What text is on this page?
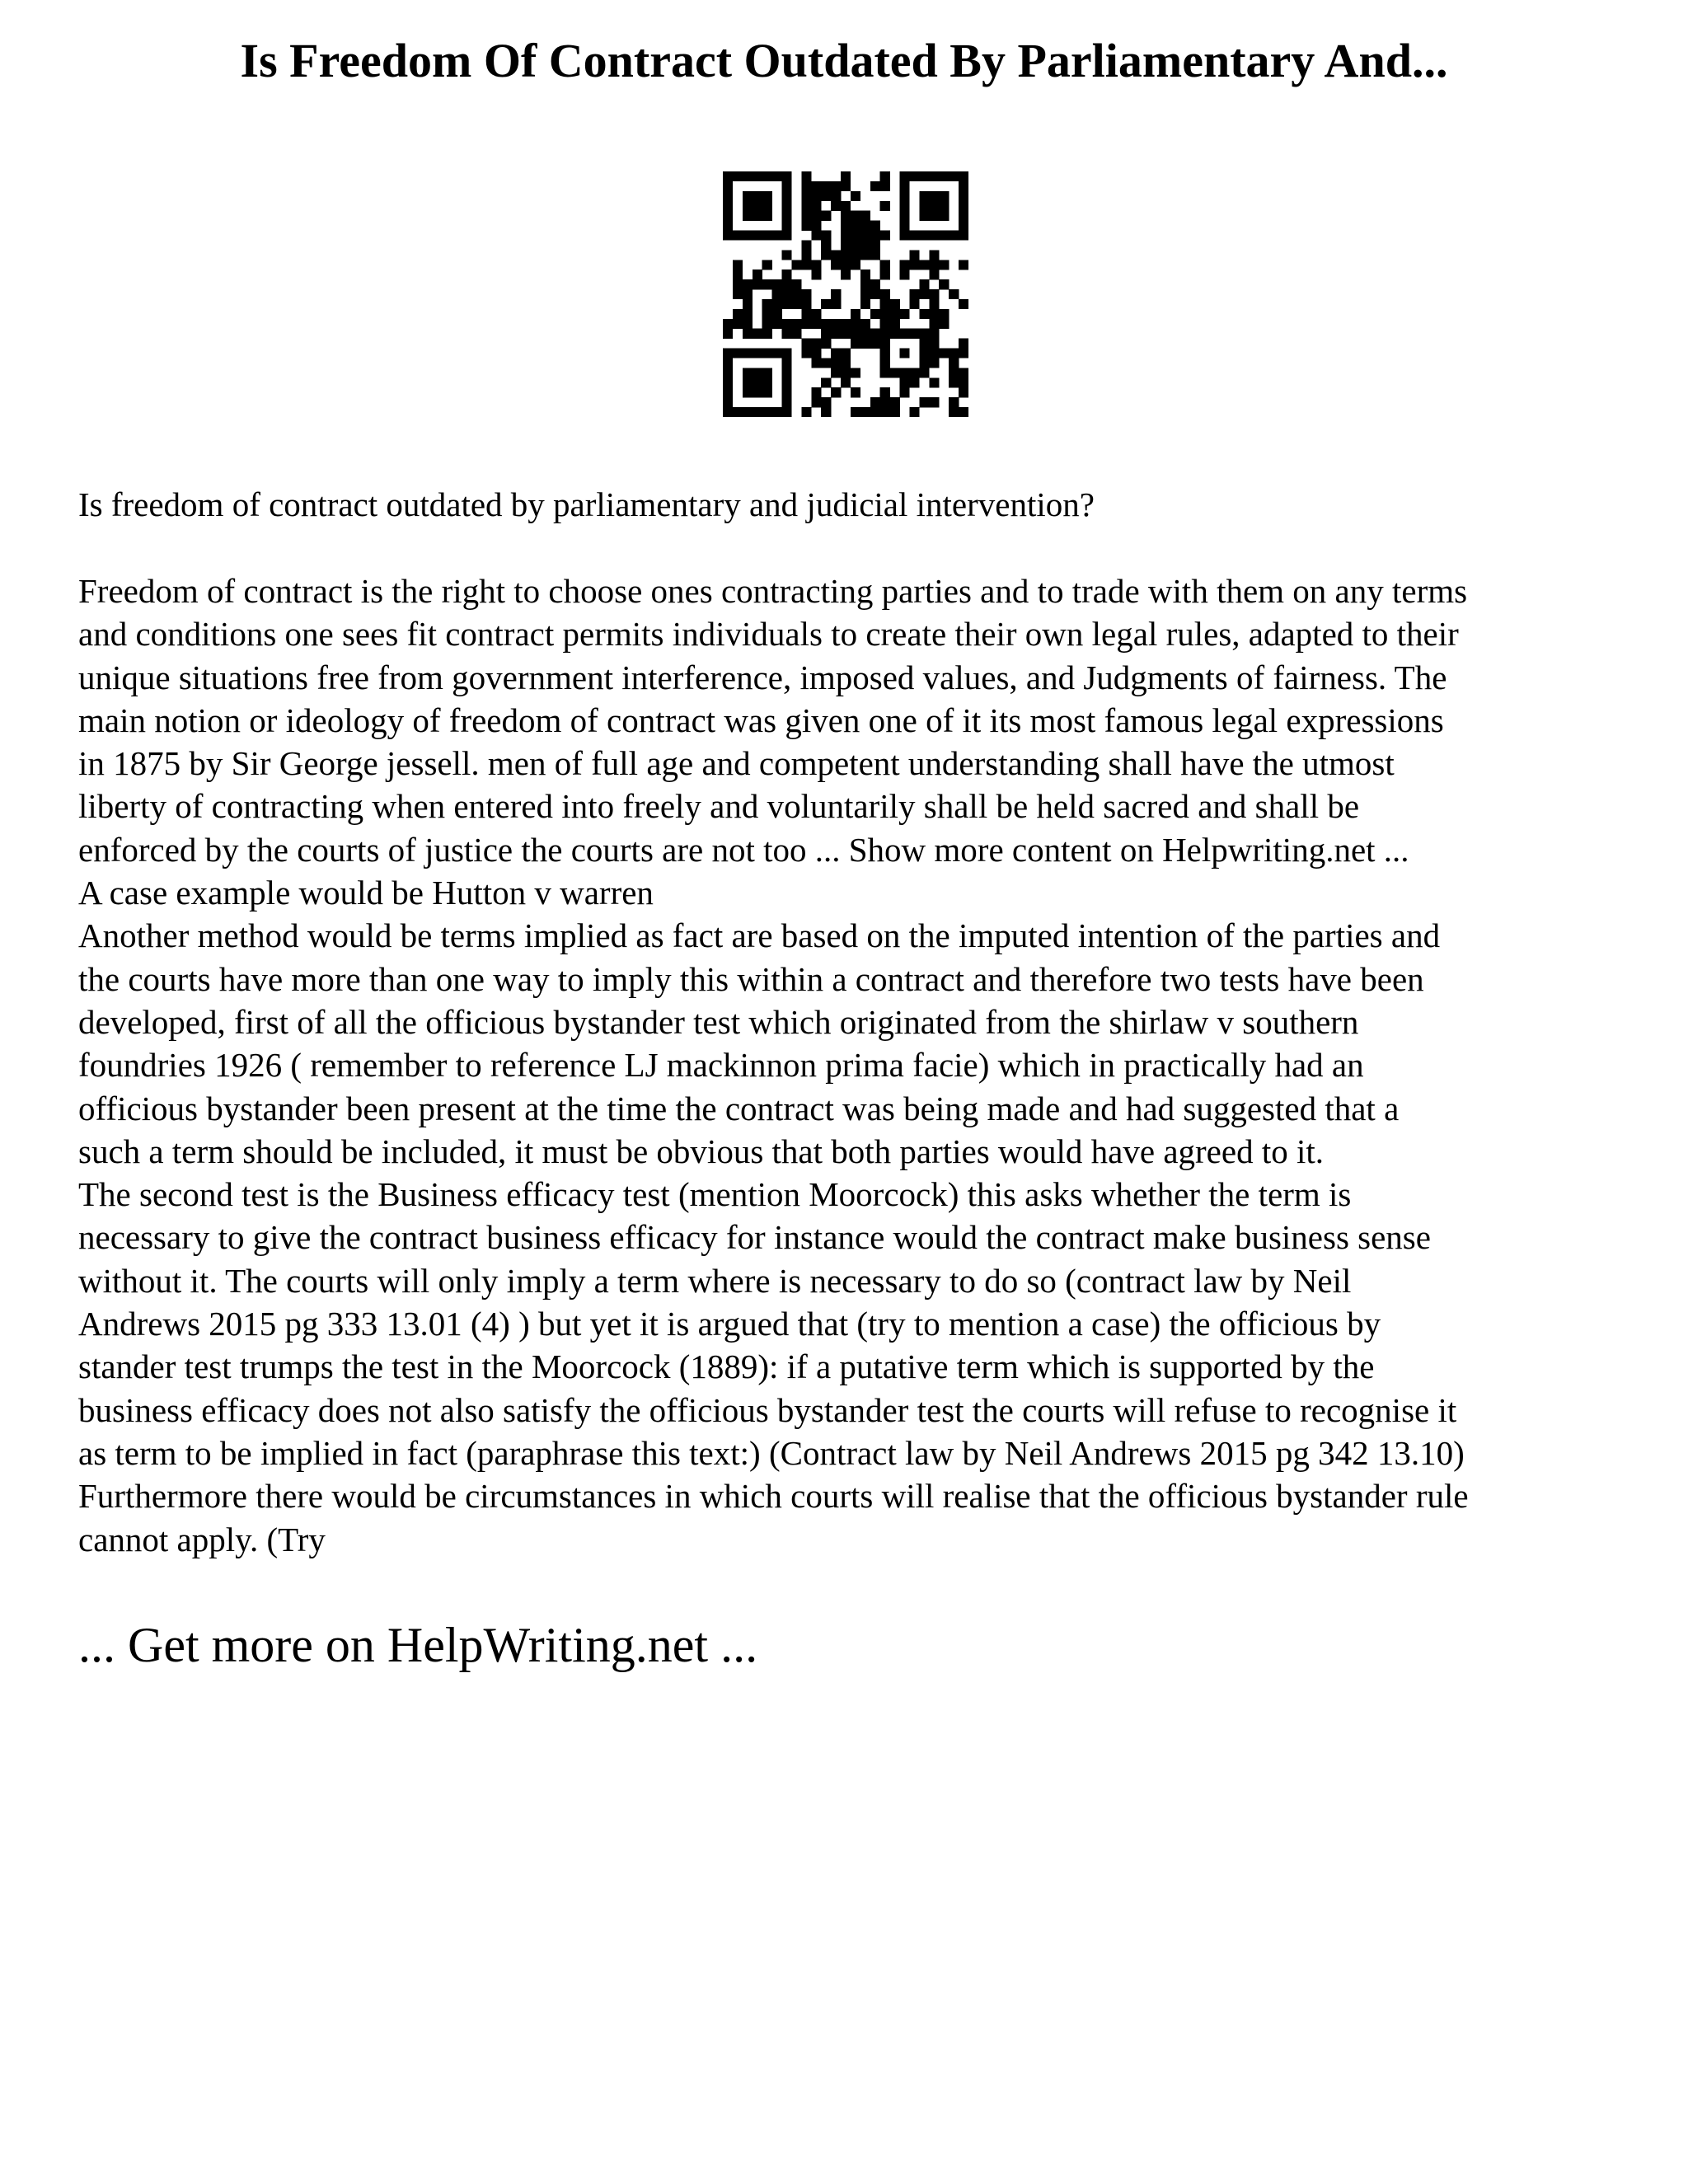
Is Freedom Of Contract Outdated By Parliamentary And...

Is freedom of contract outdated by parliamentary and judicial intervention?

Freedom of contract is the right to choose ones contracting parties and to trade with them on any terms
and conditions one sees fit contract permits individuals to create their own legal rules, adapted to their
unique situations free from government interference, imposed values, and Judgments of fairness. The
main notion or ideology of freedom of contract was given one of it its most famous legal expressions
in 1875 by Sir George jessell. men of full age and competent understanding shall have the utmost
liberty of contracting when entered into freely and voluntarily shall be held sacred and shall be
enforced by the courts of justice the courts are not too ... Show more content on Helpwriting.net ...
A case example would be Hutton v warren
Another method would be terms implied as fact are based on the imputed intention of the parties and
the courts have more than one way to imply this within a contract and therefore two tests have been
developed, first of all the officious bystander test which originated from the shirlaw v southern
foundries 1926 ( remember to reference LJ mackinnon prima facie) which in practically had an
officious bystander been present at the time the contract was being made and had suggested that a
such a term should be included, it must be obvious that both parties would have agreed to it.
The second test is the Business efficacy test (mention Moorcock) this asks whether the term is
necessary to give the contract business efficacy for instance would the contract make business sense
without it. The courts will only imply a term where is necessary to do so (contract law by Neil
Andrews 2015 pg 333 13.01 (4) ) but yet it is argued that (try to mention a case) the officious by
stander test trumps the test in the Moorcock (1889): if a putative term which is supported by the
business efficacy does not also satisfy the officious bystander test the courts will refuse to recognise it
as term to be implied in fact (paraphrase this text:) (Contract law by Neil Andrews 2015 pg 342 13.10)
Furthermore there would be circumstances in which courts will realise that the officious bystander rule
cannot apply. (Try

... Get more on HelpWriting.net ...
